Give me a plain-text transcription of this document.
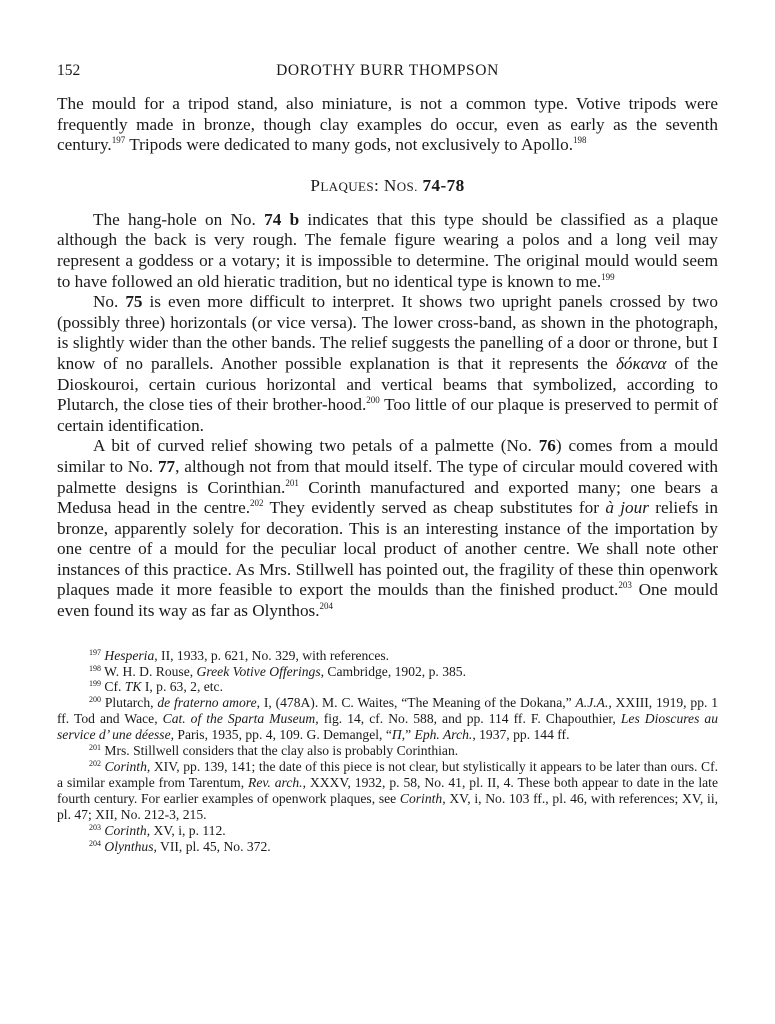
152	DOROTHY BURR THOMPSON

The mould for a tripod stand, also miniature, is not a common type. Votive tripods were frequently made in bronze, though clay examples do occur, even as early as the seventh century.$^{197}$ Tripods were dedicated to many gods, not exclusively to Apollo.$^{198}$

PLAQUES: NOS. 74-78

The hang-hole on No. 74 b indicates that this type should be classified as a plaque although the back is very rough. The female figure wearing a polos and a long veil may represent a goddess or a votary; it is impossible to determine. The original mould would seem to have followed an old hieratic tradition, but no identical type is known to me.$^{199}$

No. 75 is even more difficult to interpret. It shows two upright panels crossed by two (possibly three) horizontals (or vice versa). The lower cross-band, as shown in the photograph, is slightly wider than the other bands. The relief suggests the panelling of a door or throne, but I know of no parallels. Another possible explanation is that it represents the δόκανα of the Dioskouroi, certain curious horizontal and vertical beams that symbolized, according to Plutarch, the close ties of their brother-hood.$^{200}$ Too little of our plaque is preserved to permit of certain identification.

A bit of curved relief showing two petals of a palmette (No. 76) comes from a mould similar to No. 77, although not from that mould itself. The type of circular mould covered with palmette designs is Corinthian.$^{201}$ Corinth manufactured and exported many; one bears a Medusa head in the centre.$^{202}$ They evidently served as cheap substitutes for à jour reliefs in bronze, apparently solely for decoration. This is an interesting instance of the importation by one centre of a mould for the peculiar local product of another centre. We shall note other instances of this practice. As Mrs. Stillwell has pointed out, the fragility of these thin openwork plaques made it more feasible to export the moulds than the finished product.$^{203}$ One mould even found its way as far as Olynthos.$^{204}$

$^{197}$ Hesperia, II, 1933, p. 621, No. 329, with references.

$^{198}$ W. H. D. Rouse, Greek Votive Offerings, Cambridge, 1902, p. 385.

$^{199}$ Cf. TK I, p. 63, 2, etc.

$^{200}$ Plutarch, de fraterno amore, I, (478A). M. C. Waites, “The Meaning of the Dokana,” A.J.A., XXIII, 1919, pp. 1 ff. Tod and Wace, Cat. of the Sparta Museum, fig. 14, cf. No. 588, and pp. 114 ff. F. Chapouthier, Les Dioscures au service d’ une déesse, Paris, 1935, pp. 4, 109. G. Demangel, “Π,” Eph. Arch., 1937, pp. 144 ff.

$^{201}$ Mrs. Stillwell considers that the clay also is probably Corinthian.

$^{202}$ Corinth, XIV, pp. 139, 141; the date of this piece is not clear, but stylistically it appears to be later than ours. Cf. a similar example from Tarentum, Rev. arch., XXXV, 1932, p. 58, No. 41, pl. II, 4. These both appear to date in the late fourth century. For earlier examples of openwork plaques, see Corinth, XV, i, No. 103 ff., pl. 46, with references; XV, ii, pl. 47; XII, No. 212-3, 215.

$^{203}$ Corinth, XV, i, p. 112.

$^{204}$ Olynthus, VII, pl. 45, No. 372.
